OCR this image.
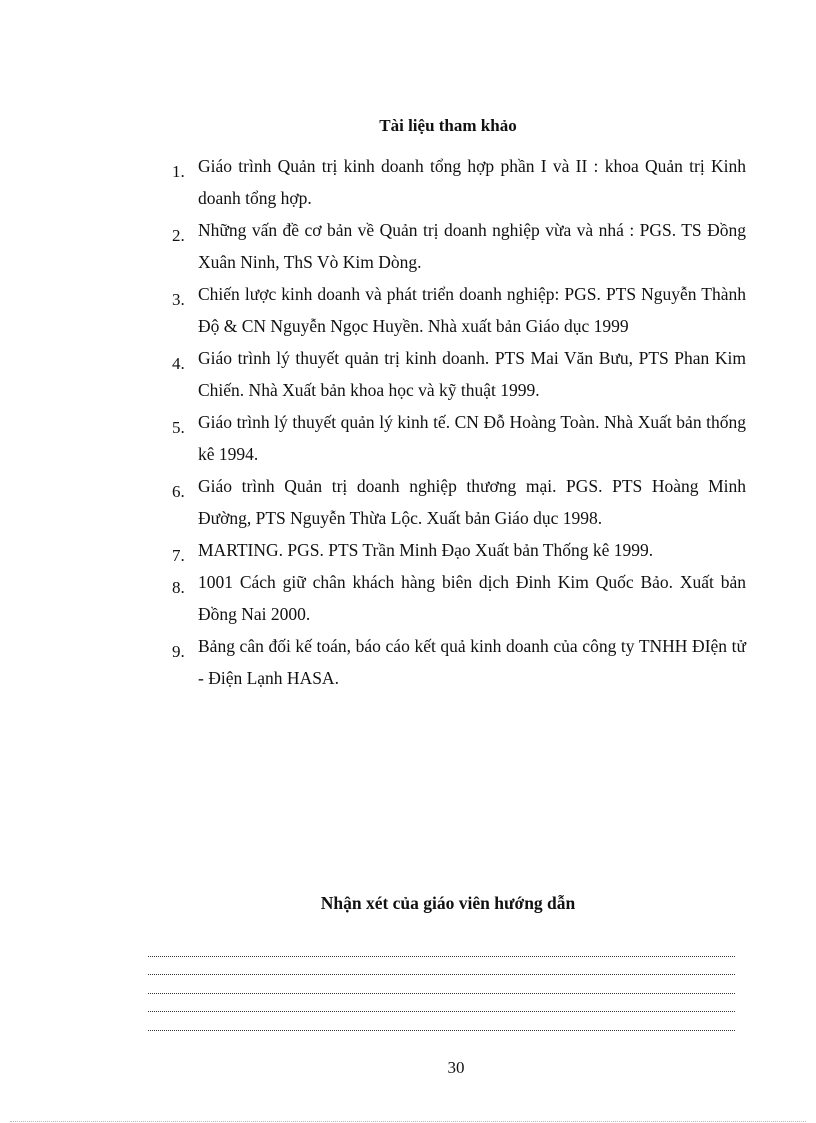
Tài liệu tham khảo
1. Giáo trình Quản trị kinh doanh tổng hợp phần I và II : khoa Quản trị Kinh doanh tổng hợp.
2. Những vấn đề cơ bản về Quản trị doanh nghiệp vừa và nhá : PGS. TS Đồng Xuân Ninh, ThS Vò Kim Dòng.
3. Chiến lược kinh doanh và phát triển doanh nghiệp: PGS. PTS Nguyễn Thành Độ & CN Nguyễn Ngọc Huyền. Nhà xuất bản Giáo dục 1999
4. Giáo trình lý thuyết quản trị kinh doanh. PTS Mai Văn Bưu, PTS Phan Kim Chiến. Nhà Xuất bản khoa học và kỹ thuật 1999.
5. Giáo trình lý thuyết quản lý kinh tế. CN Đỗ Hoàng Toàn. Nhà Xuất bản thống kê 1994.
6. Giáo trình Quản trị doanh nghiệp thương mại. PGS. PTS Hoàng Minh Đường, PTS Nguyễn Thừa Lộc. Xuất bản Giáo dục 1998.
7. MARTING. PGS. PTS Trần Minh Đạo Xuất bản Thống kê 1999.
8. 1001 Cách giữ chân khách hàng biên dịch Đinh Kim Quốc Bảo. Xuất bản Đồng Nai 2000.
9. Bảng cân đối kế toán, báo cáo kết quả kinh doanh của công ty TNHH ĐIện tử - Điện Lạnh HASA.
Nhận xét của giáo viên hướng dẫn
30
